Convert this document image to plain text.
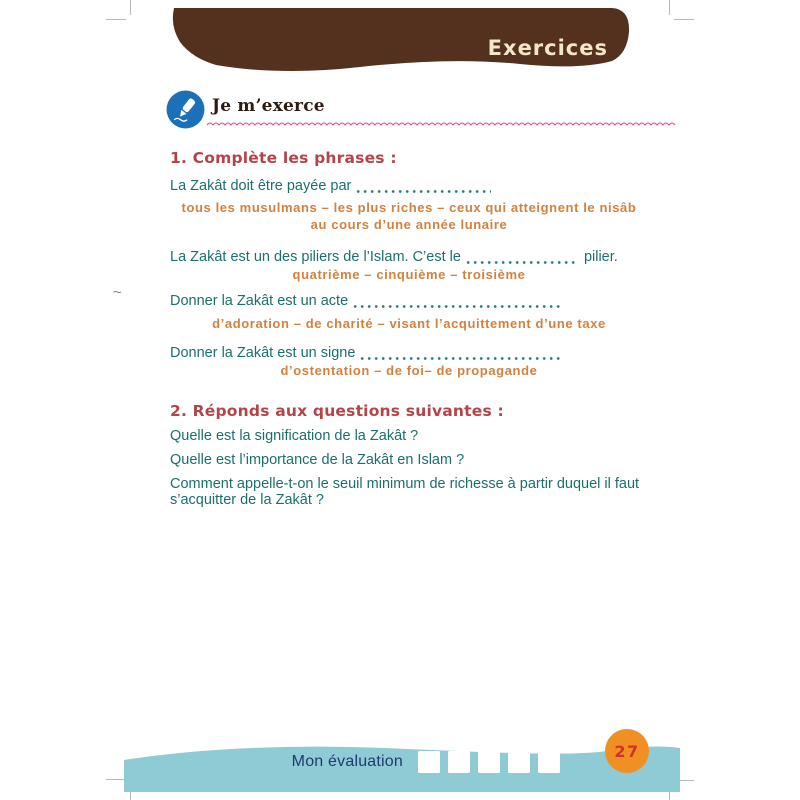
Exercices
Je m’exerce
~
1. Complète les phrases :
La Zakât doit être payée par
tous les musulmans – les plus riches – ceux qui atteignent le nisâb
au cours d’une année lunaire
La Zakât est un des piliers de l’Islam. C’est le	pilier.
quatrième – cinquième – troisième
Donner la Zakât est un acte
d’adoration – de charité – visant l’acquittement d’une taxe
Donner la Zakât est un signe
d’ostentation – de foi– de propagande
2. Réponds aux questions suivantes :
Quelle est la signification de la Zakât ?
Quelle est l’importance de la Zakât en Islam ?
Comment appelle-t-on le seuil minimum de richesse à partir duquel il faut s’acquitter de la Zakât ?
Mon évaluation
27
